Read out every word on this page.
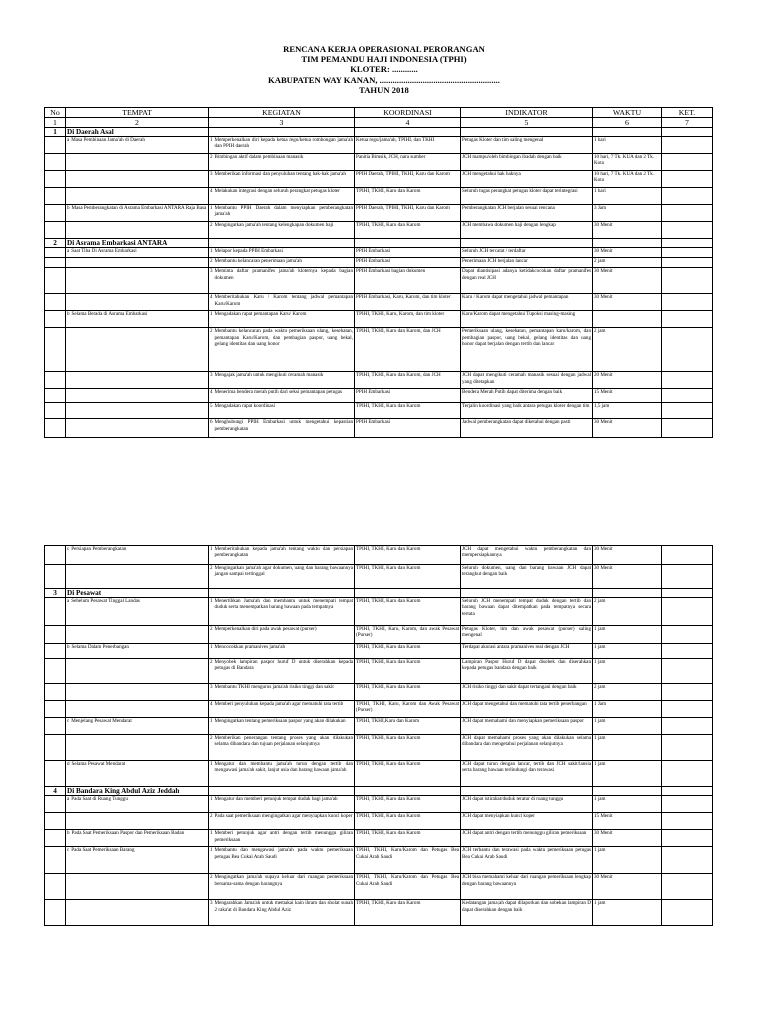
RENCANA KERJA OPERASIONAL PERORANGAN
TIM PEMANDU HAJI INDONESIA (TPHI)
KLOTER: ............
KABUPATEN WAY KANAN, ........................................................
TAHUN 2018
No	TEMPAT	KEGIATAN	KOORDINASI	INDIKATOR	WAKTU	KET.
1	2	3	4	5	6	7
1	Di Daerah Asal					

	a Masa Pembinaan Jama'ah di Daerah	1 Memperkenalkan diri kepada ketua regu/ketua rombongan jama'ah dan PPIH daerah	Ketua regu/jama'ah, TPIHI, dan TKHI	Petugas Kloter dan tim saling mengenal	1 hari	

		2 Bimbingan aktif dalam pembinaan manasik	Panitia Bimsik, JCH, nara sumber	JCH mampu/oleh bimbingan ibadah dengan baik	10 hari, 7 Tk. KUA dan 2 Tk. Kota	

		3 Memberikan informasi dan penyuluhan tentang hak-hak jama'ah	PPIH Daerah, TPIHI, TKHI, Karu dan Karom	JCH mengetahui hak haknya	10 hari, 7 Tk. KUA dan 2 Tk. Kota	

		4 Melakukan integrasi dengan seluruh perangkat petugas kloter	TPIHI, TKHI, Karu dan Karom	Seluruh tugas perangkat petugas kloter dapat terintegrasi	1 hari	

	b Masa Pemberangkatan di Asrama Embarkasi ANTARA Raja Basa	1 Membantu PPIH Daerah dalam menyiapkan pemberangkatan jama'ah	PPIH Daerah, TPIHI, TKHI, Karu dan Karom	Pemberangkatan JCH berjalan sesuai rencana	3 Jam	

		2 Mengingatkan jama'ah tentang kelengkapan dokumen haji	TPIHI, TKHI, Karu dan Karom	JCH membawa dokumen haji dengan lengkap	30 Menit	
2	Di Asrama Embarkasi ANTARA					

	a Saat Tiba Di Asrama Embarkasi	1 Melapor kepada PPIH Embarkasi	PPIH Embarkasi	Seluruh JCH tercatat / terdaftar	30 Menit	

		2 Membantu kelancaran penerimaan jama'ah	PPIH Embarkasi	Penerimaan JCH berjalan lancar	2 jam	

		3 Meminta daftar pramanifes jama'ah kloternya kepada bagian dokumen	PPIH Embarkasi bagian dokumen	Dapat diantisipasi adanya ketidakcocokan daftar pramanifes dengan real JCH	30 Menit	

		4 Memberitahukan Karu / Karom tentang jadwal pemantapan Karu/Karom	PPIH Embarkasi, Karu, Karom, dan tim kloter	Karu / Karom dapat mengetahui jadwal pemantapan	30 Menit	

	b Selama Berada di Asrama Embarkasi	1 Mengadakan rapat pemantapan Karu/ Karom	TPIHI, TKHI, Karu, Karom, dan tim kloter	Karu/Karom dapat mengetahui Tupoksi masing-masing		

		2 Membantu kelancaran pada waktu pemeriksaan ulang, kesehatan, pemantapan Karu/Karom, dan pembagian paspor, uang bekal, gelang identitas dan uang honor	TPIHI, TKHI, Karu dan Karom, dan JCH	Pemeriksaan ulang, kesehatan, pemantapan karu/karom, dan pembagian paspor, uang bekal, gelang identitas dan uang honor dapat berjalan dengan tertib dan lancar	2 jam	

		3 Mengajak jama'ah untuk mengikuti ceramah manasik	TPIHI, TKHI, Karu dan Karom, dan JCH	JCH dapat mengikuti ceramah manasik sesuai dengan jadwal yang ditetapkan	20 Menit	

		4 Menerima bendera merah putih dari seksi pemantapan petugas	PPIH Embarkasi	Bendera Merah Putih dapat diterima dengan baik	15 Menit	

		5 Mengadakan rapat koordinasi	TPIHI, TKHI, Karu dan Karom	Terjalin koordinasi yang baik antara petugas kloter dengan tim	1,5 jam	

		6 Menghubungi PPIH Embarkasi untuk mengetahui kepastian pemberangkatan	PPIH Embarkasi	Jadwal pemberangkatan dapat diketahui dengan pasti	30 Menit	

	c Persiapan Pemberangkatan	1 Memberitahukan kepada jama'ah tentang waktu dan persiapan pemberangkatan	TPIHI, TKHI, Karu dan Karom	JCH dapat mengetahui waktu pemberangkatan dan mempersiapkannya	30 Menit	

		2 Mengingatkan jama'ah agar dokumen, uang dan barang bawaannya jangan sampai tertinggal	TPIHI, TKHI, Karu dan Karom	Seluruh dokumen, uang dan barang bawaan JCH dapat terangkut dengan baik	30 Menit	
3	Di Pesawat					

	a Sebelum Pesawat Tinggal Landas	1 Menertibkan Jama'ah dan membantu untuk menempati tempat duduk serta menempatkan barang bawaan pada tempatnya	TPIHI, TKHI, Karu dan Karom	Seluruh JCH menempati tempat duduk dengan tertib dan barang bawaan dapat ditempatkan pada tempatnya secara tertata	2 jam	

		2 Memperkenalkan diri pada awak pesawat (purser)	TPIHI, TKHI, Karu, Karom, dan awak Pesawat (Purser)	Petugas Kloter, tim dan awak pesawat (purser) saling mengenal	1 jam	

	b Selama Dalam Penerbangan	1 Mencocokkan pramanives jama'ah	TPIHI, TKHI, Karu dan Karom	Terdapat akurasi antara pramanives real dengan JCH	1 jam	

		2 Menyobek lampiran paspor huruf D untuk diserahkan kepada petugas di Bandara	TPIHI, TKHI, Karu dan Karom	Lampiran Paspor Huruf D dapat disobek dan diserahkan kepada petugas bandara dengan baik	1 jam	

		3 Membantu TKHI mengurus jama'ah risiko tinggi dan sakit	TPIHI, TKHI, Karu dan Karom	JCH risiko tinggi dan sakit dapat tertangani dengan baik	2 jam	

		4 Memberi penyuluhan kepada jama'ah agar mematuhi tata tertib	TPIHI, TKHI, Karu, Karom dan Awak Pesawat (Purser)	JCH dapat mengetahui dan mematuhi tata tertib penerbangan	1 Jam	

	c Menjelang Pesawat Mendarat	1 Mengingatkan tentang pemeriksaan paspor yang akan dilakukan	TPIHI, TKHI,Karu dan Karom	JCH dapat memahami dan menyiapkan pemeriksaan paspor	1 jam	

		2 Memberikan penerangan tentang proses yang akan dilakukan selama dibandara dan tujuan perjalanan selanjutnya	TPIHI, TKHI, Karu dan Karom	JCH dapat memahami proses yang akan dilakukan selama dibandara dan mengetahui perjalanan selanjutnya	1 jam	

	d Selama Pesawat Mendarat	1 Mengatur dan membantu jama'ah turun dengan tertib dan mengawasi jama'ah sakit, lanjut usia dan barang bawaan jama'ah	TPIHI, TKHI, Karu dan Karom	JCH dapat turun dengan lancar, tertib dan JCH sakit/lansia serta barang bawaan terlindungi dan terawasi	1 jam	
4	Di Bandara King Abdul Aziz Jeddah					

	a Pada Saat di Ruang Tunggu	1 Mengatur dan memberi petunjuk tempat duduk bagi jama'ah	TPIHI, TKHI, Karu dan Karom	JCH dapat istirahat/duduk teratur di ruang tunggu	1 jam	

		2 Pada saat pemeriksaan mengingatkan agar menyiapkan kunci koper	TPIHI, TKHI, Karu dan Karom	JCH dapat menyiapkan kunci koper	15 Menit	

	b Pada Saat Pemeriksaan Paspor dan Pemeriksaan Badan	1 Memberi petunjuk agar antri dengan tertib menunggu giliran pemeriksaan	TPIHI, TKHI, Karu dan Karom	JCH dapat antri dengan tertib menunggu giliran pemeriksaan	30 Menit	

	c Pada Saat Pemeriksaan Barang	1 Membantu dan mengawasi jama'ah pada waktu pemeriksaan petugas Bea Cukai Arab Saudi	TPIHI, TKHI, Karu/Karom dan Petugas Bea Cukai Arab Saudi	JCH terbantu dan terawasi pada waktu pemeriksaan petugas Bea Cukai Arab Saudi	1 jam	

		2 Mengingatkan jama'ah supaya keluar dari ruangan pemeriksaan bersama-sama dengan barangnya	TPIHI, TKHI, Karu/Karom dan Petugas Bea Cukai Arab Saudi	JCH bisa memahami keluar dari ruangan pemeriksaan lengkap dengan barang bawaannya	30 Menit	

		3 Mengarahkan Jama'ah untuk memakai kain ihram dan sholat sunah 2 raka'at di Bandara King Abdul Aziz	TPIHI, TKHI, Karu dan Karom	Kedatangan jama;ah dapat dilaporkan dan sobekan lampiran D dapat diserahkan dengan baik	1 jam	
